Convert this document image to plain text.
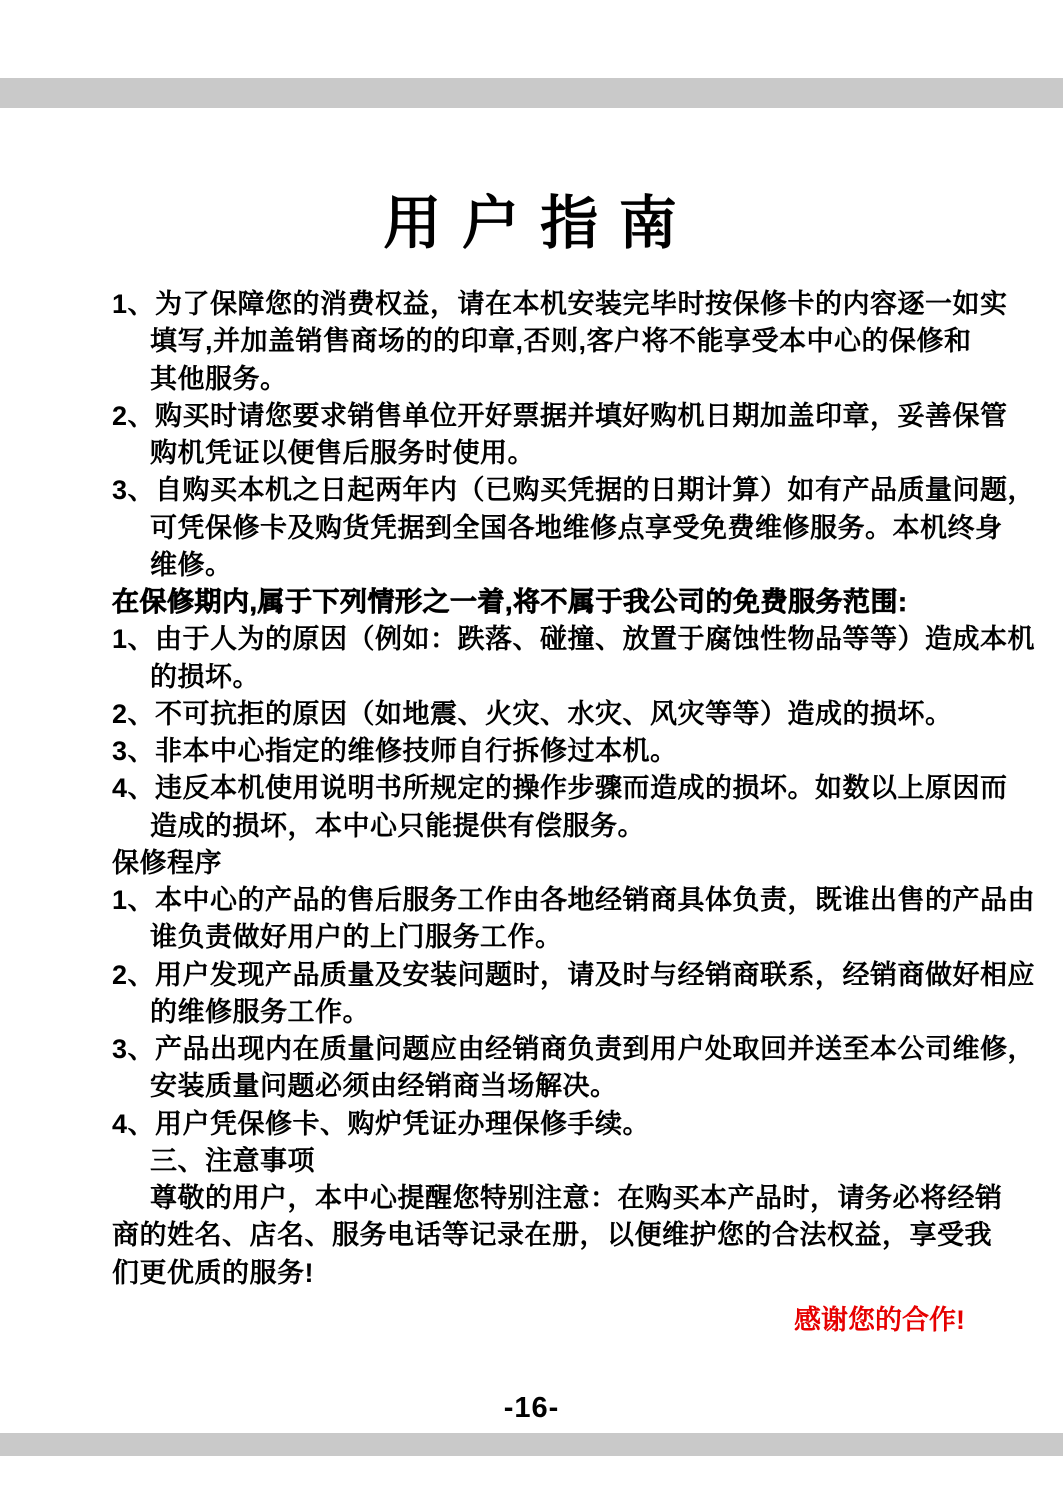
用 户 指 南
1、为了保障您的消费权益，请在本机安装完毕时按保修卡的内容逐一如实
填写,并加盖销售商场的的印章,否则,客户将不能享受本中心的保修和
其他服务。
2、购买时请您要求销售单位开好票据并填好购机日期加盖印章，妥善保管
购机凭证以便售后服务时使用。
3、自购买本机之日起两年内（已购买凭据的日期计算）如有产品质量问题，
可凭保修卡及购货凭据到全国各地维修点享受免费维修服务。本机终身
维修。
在保修期内,属于下列情形之一着,将不属于我公司的免费服务范围:
1、由于人为的原因（例如：跌落、碰撞、放置于腐蚀性物品等等）造成本机
的损坏。
2、不可抗拒的原因（如地震、火灾、水灾、风灾等等）造成的损坏。
3、非本中心指定的维修技师自行拆修过本机。
4、违反本机使用说明书所规定的操作步骤而造成的损坏。如数以上原因而
造成的损坏，本中心只能提供有偿服务。
保修程序
1、本中心的产品的售后服务工作由各地经销商具体负责，既谁出售的产品由
谁负责做好用户的上门服务工作。
2、用户发现产品质量及安装问题时，请及时与经销商联系，经销商做好相应
的维修服务工作。
3、产品出现内在质量问题应由经销商负责到用户处取回并送至本公司维修，
安装质量问题必须由经销商当场解决。
4、用户凭保修卡、购炉凭证办理保修手续。
三、注意事项
尊敬的用户，本中心提醒您特别注意：在购买本产品时，请务必将经销
商的姓名、店名、服务电话等记录在册，以便维护您的合法权益，享受我
们更优质的服务!
感谢您的合作!
-16-
